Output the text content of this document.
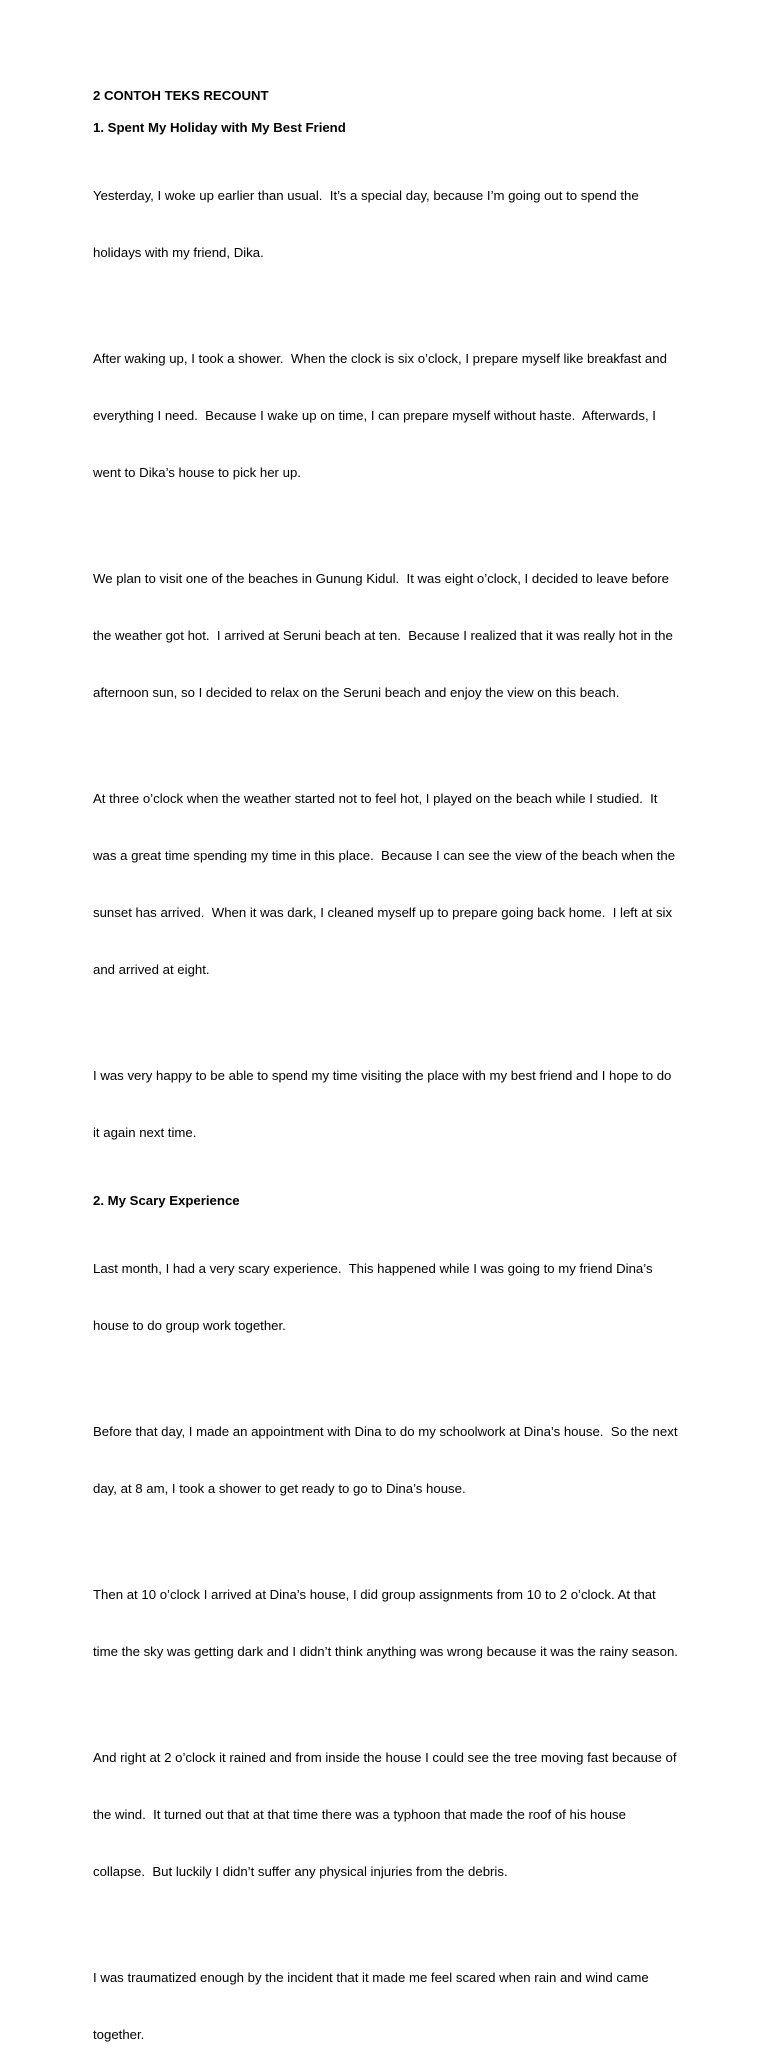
2 CONTOH TEKS RECOUNT
1. Spent My Holiday with My Best Friend

Yesterday, I woke up earlier than usual.  It’s a special day, because I’m going out to spend the

holidays with my friend, Dika.

After waking up, I took a shower.  When the clock is six o’clock, I prepare myself like breakfast and

everything I need.  Because I wake up on time, I can prepare myself without haste.  Afterwards, I

went to Dika’s house to pick her up.

We plan to visit one of the beaches in Gunung Kidul.  It was eight o’clock, I decided to leave before

the weather got hot.  I arrived at Seruni beach at ten.  Because I realized that it was really hot in the

afternoon sun, so I decided to relax on the Seruni beach and enjoy the view on this beach.

At three o’clock when the weather started not to feel hot, I played on the beach while I studied.  It

was a great time spending my time in this place.  Because I can see the view of the beach when the

sunset has arrived.  When it was dark, I cleaned myself up to prepare going back home.  I left at six

and arrived at eight.

I was very happy to be able to spend my time visiting the place with my best friend and I hope to do

it again next time.

2. My Scary Experience

Last month, I had a very scary experience.  This happened while I was going to my friend Dina’s

house to do group work together.

Before that day, I made an appointment with Dina to do my schoolwork at Dina’s house.  So the next

day, at 8 am, I took a shower to get ready to go to Dina’s house.

Then at 10 o’clock I arrived at Dina’s house, I did group assignments from 10 to 2 o’clock. At that

time the sky was getting dark and I didn’t think anything was wrong because it was the rainy season.

And right at 2 o’clock it rained and from inside the house I could see the tree moving fast because of

the wind.  It turned out that at that time there was a typhoon that made the roof of his house

collapse.  But luckily I didn’t suffer any physical injuries from the debris.

I was traumatized enough by the incident that it made me feel scared when rain and wind came

together.
